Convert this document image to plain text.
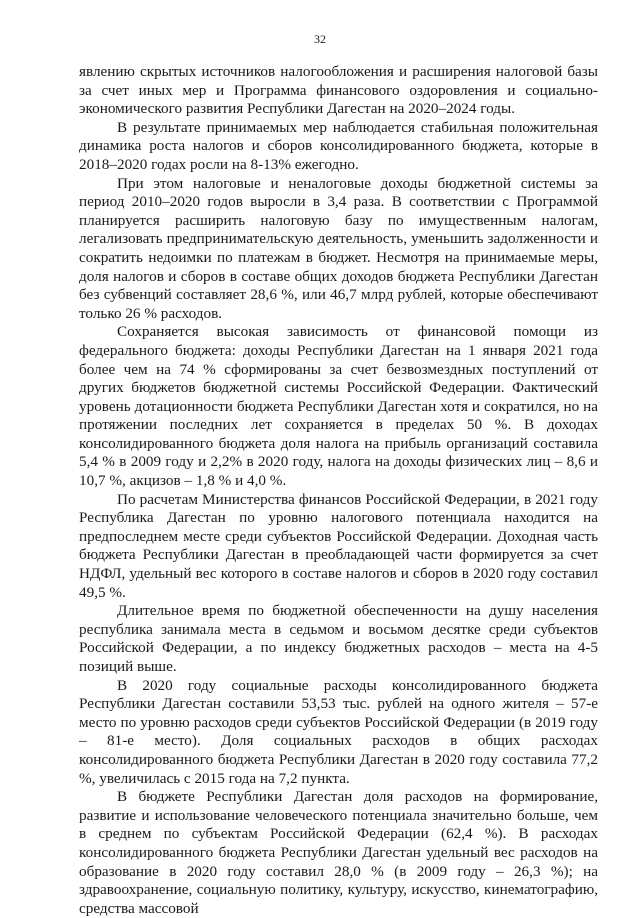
32

явлению скрытых источников налогообложения и расширения налоговой базы за счет иных мер и Программа финансового оздоровления и социально-экономического развития Республики Дагестан на 2020–2024 годы.

В результате принимаемых мер наблюдается стабильная положительная динамика роста налогов и сборов консолидированного бюджета, которые в 2018–2020 годах росли на 8-13% ежегодно.

При этом налоговые и неналоговые доходы бюджетной системы за период 2010–2020 годов выросли в 3,4 раза. В соответствии с Программой планируется расширить налоговую базу по имущественным налогам, легализовать предпринимательскую деятельность, уменьшить задолженности и сократить недоимки по платежам в бюджет. Несмотря на принимаемые меры, доля налогов и сборов в составе общих доходов бюджета Республики Дагестан без субвенций составляет 28,6 %, или 46,7 млрд рублей, которые обеспечивают только 26 % расходов.

Сохраняется высокая зависимость от финансовой помощи из федерального бюджета: доходы Республики Дагестан на 1 января 2021 года более чем на 74 % сформированы за счет безвозмездных поступлений от других бюджетов бюджетной системы Российской Федерации. Фактический уровень дотационности бюджета Республики Дагестан хотя и сократился, но на протяжении последних лет сохраняется в пределах 50 %. В доходах консолидированного бюджета доля налога на прибыль организаций составила 5,4 % в 2009 году и 2,2% в 2020 году, налога на доходы физических лиц – 8,6 и 10,7 %, акцизов – 1,8 % и 4,0 %.

По расчетам Министерства финансов Российской Федерации, в 2021 году Республика Дагестан по уровню налогового потенциала находится на предпоследнем месте среди субъектов Российской Федерации. Доходная часть бюджета Республики Дагестан в преобладающей части формируется за счет НДФЛ, удельный вес которого в составе налогов и сборов в 2020 году составил 49,5 %.

Длительное время по бюджетной обеспеченности на душу населения республика занимала места в седьмом и восьмом десятке среди субъектов Российской Федерации, а по индексу бюджетных расходов – места на 4-5 позиций выше.

В 2020 году социальные расходы консолидированного бюджета Республики Дагестан составили 53,53 тыс. рублей на одного жителя – 57-е место по уровню расходов среди субъектов Российской Федерации (в 2019 году – 81-е место). Доля социальных расходов в общих расходах консолидированного бюджета Республики Дагестан в 2020 году составила 77,2 %, увеличилась с 2015 года на 7,2 пункта.

В бюджете Республики Дагестан доля расходов на формирование, развитие и использование человеческого потенциала значительно больше, чем в среднем по субъектам Российской Федерации (62,4 %). В расходах консолидированного бюджета Республики Дагестан удельный вес расходов на образование в 2020 году составил 28,0 % (в 2009 году – 26,3 %); на здравоохранение, социальную политику, культуру, искусство, кинематографию, средства массовой
